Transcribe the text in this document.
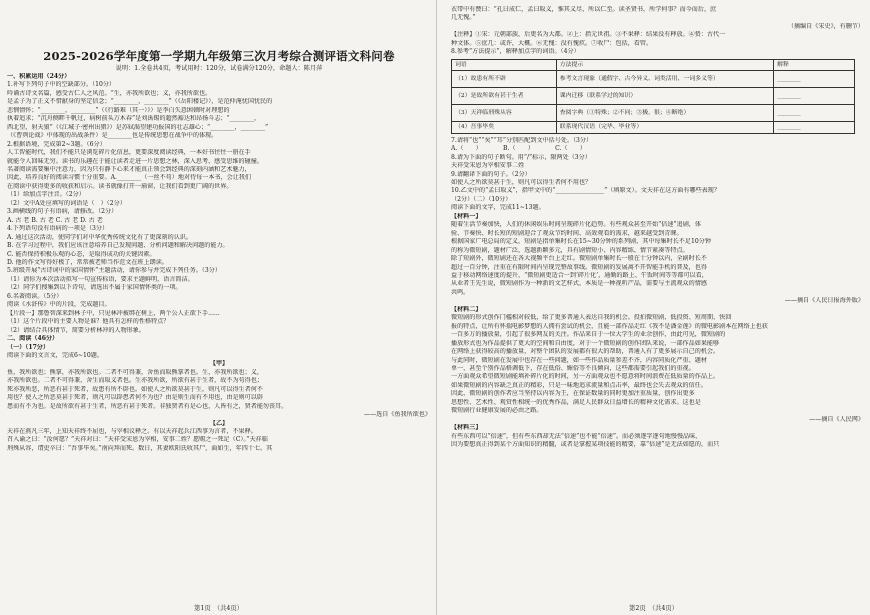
2025-2026学年度第一学期九年级第三次月考综合测评语文科问卷
说明：1.全卷共4页，考试用时：120分，试卷满分120分，命题人：陈月萍
一、积累运用（24分）
1.补写下列句子中的空缺部分。（10分）
吟诵古诗文名篇，感受古仁人之风范。“生，亦我所欲也；义，亦我所欲也。
是孟子为了正义不惜献身的坚定信念；“________，________”（《岳阳楼记》），是范仲淹忧国忧民的
悲悯情怀；“________，________”（《行路难（其一）》）是李白失意困顿时对理想的
执着追求；“沉舟侧畔千帆过，病树前头万木春”是刘禹锡的超然豁达和昂扬斗志；“________，
西北望，射天狼”（《江城子·密州出猎》）是苏轼渴望建功报国的壮志雄心；“________，________”
（《曹刿论战》中体现的出战条件）是________也是传统思想在战争中的体现。
2.根据语境，完成第2~3题。（6分）
人工智能时代，我们不能只是浏览碎片化信息，更要深度阅读经典，一本好书往往一册在手
就能令人回味无穷。读书的乐趣在于能让读者走进一片思想之林，深入思考，感受思维的碰撞。
名著阅读需要集中注意力，因为只有静下心来才能真正领会到经典的深刻内涵和艺术魅力，
因此，培养良好的阅读习惯十分重要。A.________（一丝不苟）地对待每一本书，会让我们
在阅读中获得更多的收获和启示。读书就像打开一扇窗，让我们看到更广阔的世界。
（1）给加点字注音。（2分）
（2）文中A处应填写的词语是（　）（2分）
3.画横线的句子有语病，请修改。（2分）
A. 古 老 B. 古 老 C. 古 老 D. 古 老
4.下列语句没有语病的一项是（3分）
A. 通过这次活动，使同学们对中华优秀传统文化有了更深刻的认识。
B. 在学习过程中，我们应该注意培养自己发现问题、分析问题和解决问题的能力。
C. 能否保持积极乐观的心态，是取得成功的关键因素。
D. 他的作文写得好极了，常常被老师当作范文在班上朗读。
5.班级开展“古诗词中的家国情怀”主题活动，请你参与并完成下列任务。（3分）
（1）请你为本次活动拟写一句宣传标语，要求主题鲜明，语言简洁。
（2）同学们搜集到以下诗句，请选出不属于家国情怀类的一项。
6.名著阅读。（5分）
阅读《水浒传》中的片段，完成题目。
【片段一】那鲁智深来到林子中，只见林冲被绑在树上，两个公人正欲下手......
（1）这个片段中的主要人物是谁？他具有怎样的性格特点？
（2）请结合具体情节，简要分析林冲的人物形象。
二、阅读（46分）
（一）（17分）
阅读下面的文言文，完成6~10题。
【甲】
鱼，我所欲也；熊掌，亦我所欲也。二者不可得兼，舍鱼而取熊掌者也。生，亦我所欲也；义，
亦我所欲也。二者不可得兼，舍生而取义者也。生亦我所欲，所欲有甚于生者，故不为苟得也；
死亦我所恶，所恶有甚于死者，故患有所不辟也。如使人之所欲莫甚于生，则凡可以得生者何不
用也？使人之所恶莫甚于死者，则凡可以辟患者何不为也？由是则生而有不用也，由是则可以辟
患而有不为也。是故所欲有甚于生者，所恶有甚于死者。非独贤者有是心也，人皆有之，贤者能勿丧耳。
——选自《鱼我所欲也》
【乙】
天祥在燕凡三年，上知天祥终不屈也，与宰相议释之。有以天祥起兵江西事为言者，不果释。
召入谕之曰：“汝何愿？”天祥对曰：“天祥受宋恩为宰相，安事二姓？愿赐之一死足（C）。”天祥临
刑殊从容，谓吏卒曰：“吾事毕矣。”南向拜而死。数日，其妻欧阳氏收其尸，面如生，年四十七。其
第1页　（共4页）
衣带中有赞曰：“孔曰成仁，孟曰取义，惟其义尽，所以仁至。读圣贤书，所学何事？而今而后，庶
几无愧。”
（摘编自《宋史》，有删节）
【注释】①宋：元朝部族，后更名为大都。②上：指元世祖。③不果释：结果没有释放。④贽：古代一
种文体。⑤庶几：或许，大概。⑥无愧：没有愧疚。⑦收尸：包括，看管。
8.参考“方法提示”，解释加点字的词语。（4分）
词语	方法提示	解释
（1）故患有所不辟	参考文言现象（通假字、古今异义、词类活用、一词多义等）	________
（2）是故所欲有甚于生者	课内迁移（联系学过的知识）	________
（3）天祥临刑殊从容	查阅字典（①特殊；②不同；③极，很；④断绝）	________
（4）吾事毕矣	联系现代汉语（完毕、毕业等）	________
7.请将“也”“矣”“耳”分别匹配到文中括号处。（3分）
A.（　　）　　　　B.（　　）　　　　C.（　　）
8.请为下面的句子断句。用“/”标示，限两处（3分）
天祥受宋恩为宰相安事二姓
9.请翻译下面的句子。（2分）
如使人之所欲莫甚于生，则凡可以得生者何不用也？
10.乙文中的“孟曰取义”，指甲文中的“________________”（填原文）。文天祥在这方面有哪些表现？
（2分）（二）（10分）
阅读下面的文字，完成11~13题。
【材料一】
随着生活节奏加快，人们的休闲娱乐时间呈现碎片化趋势。有些观众甚至开始“倍速”追剧，体
验、节奏快、时长短的短剧迎合了观众节约时间、高效观看的需求，越来越受到青睐。
根据国家广电总局的定义，短剧是指单集时长在15~30分钟的系列剧，其中每集时长不足10分钟
的称为微短剧，题材广泛，选题新颖多元，具有剧情短小、内容精练、情节紧凑等特点。
除了短剧外，微短剧还在各大视频平台上走红。微短剧单集时长一般在十分钟以内，全剧时长不
超过一百分钟，注重在有限时间内呈现完整故事线。微短剧的发展离不开智能手机的普及，也得
益于移动网络速度的提升，“微短剧更适合一到‘碎片化’，通勤的路上、午饭时间等等都可以看，
从业者王先生说，微短剧作为一种新的文艺样式，本质是一种视听产品，需要与主流观众的情感
共鸣。
——摘自《人民日报海外版》
【材料二】
微短剧的形式创作门槛相对较低，给了更多普通人表达自我的机会。投拍微短剧、低投资、短周期、快回
报的特点，让所有怀揣电影梦想的人拥有尝试的机会，且能一部作品走红《我不是潘金莲》的微电影剧本在网络上也获
一百多万的播放量，引起了很多网友的关注。作品来自于一位大学生的业余创作，由此可见，微短剧的
播放形式也为作品提供了更大的空间和自由度，对于一个微短剧的创作团队来说，一部作品如果能够
在网络上获得较高的播放量，对整个团队的发展都有很大的帮助，普通人有了更多展示自己的机会。
与此同时，微短剧在发展中也存在一些问题，如一些作品质量参差不齐，内容同质化严重、题材
单一，甚至个别作品格调低下，存在低俗、媚俗等不良倾向，这些都需要引起我们的重视。
一方面观众希望微短剧能填补碎片化的时间，另一方面观众也不愿意将时间浪费在低质量的作品上。
如果微短剧的内容缺乏真正的精彩，只是一味地追求流量和点击率，最终也会失去观众的信任。
因此，微短剧的创作者应当坚持以内容为王，在保证数量的同时更加注重质量，创作出更多
思想性、艺术性、观赏性相统一的优秀作品，满足人民群众日益增长的精神文化需求。这也是
微短剧行业健康发展的必由之路。
——摘自《人民网》
【材料三】
有些东西可以“倍速”，但有些东西却无法“倍速”也不能“倍速”。而必须逐字逐句地慢慢品味，
因为要想真正得到某个方面知识的精髓，或者是掌握某项技能的精要，靠“倍速”是无法如愿的，而只
第2页　（共4页）
